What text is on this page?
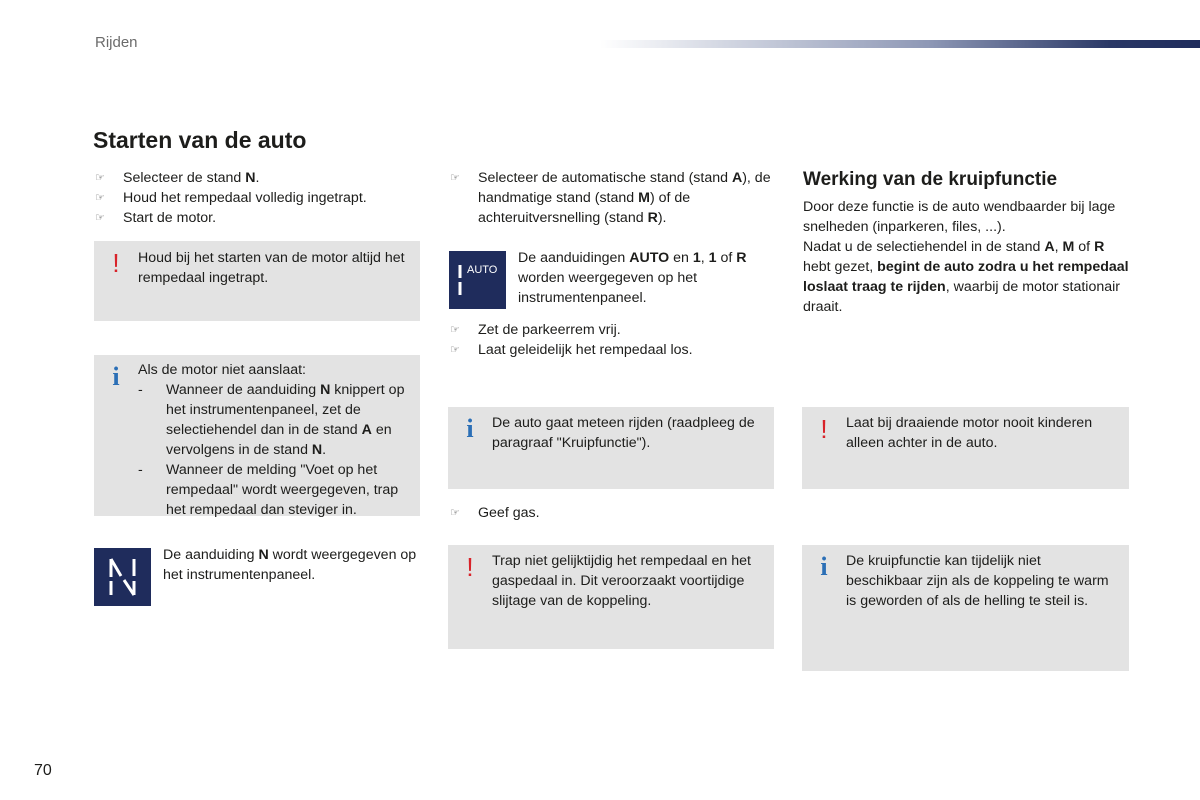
Rijden
Starten van de auto
☞ Selecteer de stand N.
☞ Houd het rempedaal volledig ingetrapt.
☞ Start de motor.
!	Houd bij het starten van de motor altijd het rempedaal ingetrapt.
i	Als de motor niet aanslaat:
- Wanneer de aanduiding N knippert op het instrumentenpaneel, zet de selectiehendel dan in de stand A en vervolgens in de stand N.
- Wanneer de melding "Voet op het rempedaal" wordt weergegeven, trap het rempedaal dan steviger in.
De aanduiding N wordt weergegeven op het instrumentenpaneel.
☞ Selecteer de automatische stand (stand A), de handmatige stand (stand M) of de achteruitversnelling (stand R).
AUTO
De aanduidingen AUTO en 1, 1 of R worden weergegeven op het instrumentenpaneel.
☞ Zet de parkeerrem vrij.
☞ Laat geleidelijk het rempedaal los.
i	De auto gaat meteen rijden (raadpleeg de paragraaf "Kruipfunctie").
☞ Geef gas.
!	Trap niet gelijktijdig het rempedaal en het gaspedaal in. Dit veroorzaakt voortijdige slijtage van de koppeling.
Werking van de kruipfunctie
Door deze functie is de auto wendbaarder bij lage snelheden (inparkeren, files, ...).
Nadat u de selectiehendel in de stand A, M of R hebt gezet, begint de auto zodra u het rempedaal loslaat traag te rijden, waarbij de motor stationair draait.
!	Laat bij draaiende motor nooit kinderen alleen achter in de auto.
i	De kruipfunctie kan tijdelijk niet beschikbaar zijn als de koppeling te warm is geworden of als de helling te steil is.
70
